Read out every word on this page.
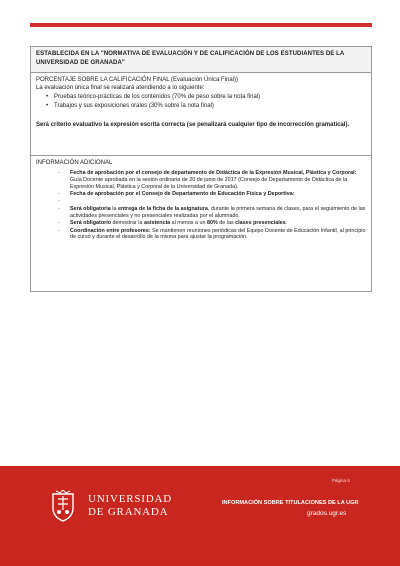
ESTABLECIDA EN LA "NORMATIVA DE EVALUACIÓN Y DE CALIFICACIÓN DE LOS ESTUDIANTES DE LA UNIVERSIDAD DE GRANADA"

PORCENTAJE SOBRE LA CALIFICACIÓN FINAL (Evaluación Única Final))

La evaluación única final se realizará atendiendo a lo siguiente:

• Pruebas teórico-prácticas de los contenidos (70% de peso sobre la nota final)
• Trabajos y sus exposiciones orales (30% sobre la nota final)

Será criterio evaluativo la expresión escrita correcta (se penalizará cualquier tipo de incorrección gramatical).

INFORMACIÓN ADICIONAL

- Fecha de aprobación por el consejo de departamento de Didáctica de la Expresión Musical, Plástica y Corporal: Guía Docente aprobada en la sesión ordinaria de 20 de junio de 2017 (Consejo de Departamento de Didáctica de la Expresión Musical, Plástica y Corporal de la Universidad de Granada).
- Fecha de aprobación por el Consejo de Departamento de Educación Física y Deportiva:
-
- Será obligatoria la entrega de la ficha de la asignatura, durante la primera semana de clases, para el seguimiento de las actividades presenciales y no presenciales realizadas por el alumnado.
- Será obligatorio demostrar la asistencia al menos a un 80% de las clases presenciales.
- Coordinación entre profesores: Se mantienen reuniones periódicas del Equipo Docente de Educación Infantil, al principio de curso y durante el desarrollo de la misma para ajustar la programación.
Página 8
UNIVERSIDAD
DE GRANADA
INFORMACIÓN SOBRE TITULACIONES DE LA UGR
grados.ugr.es
